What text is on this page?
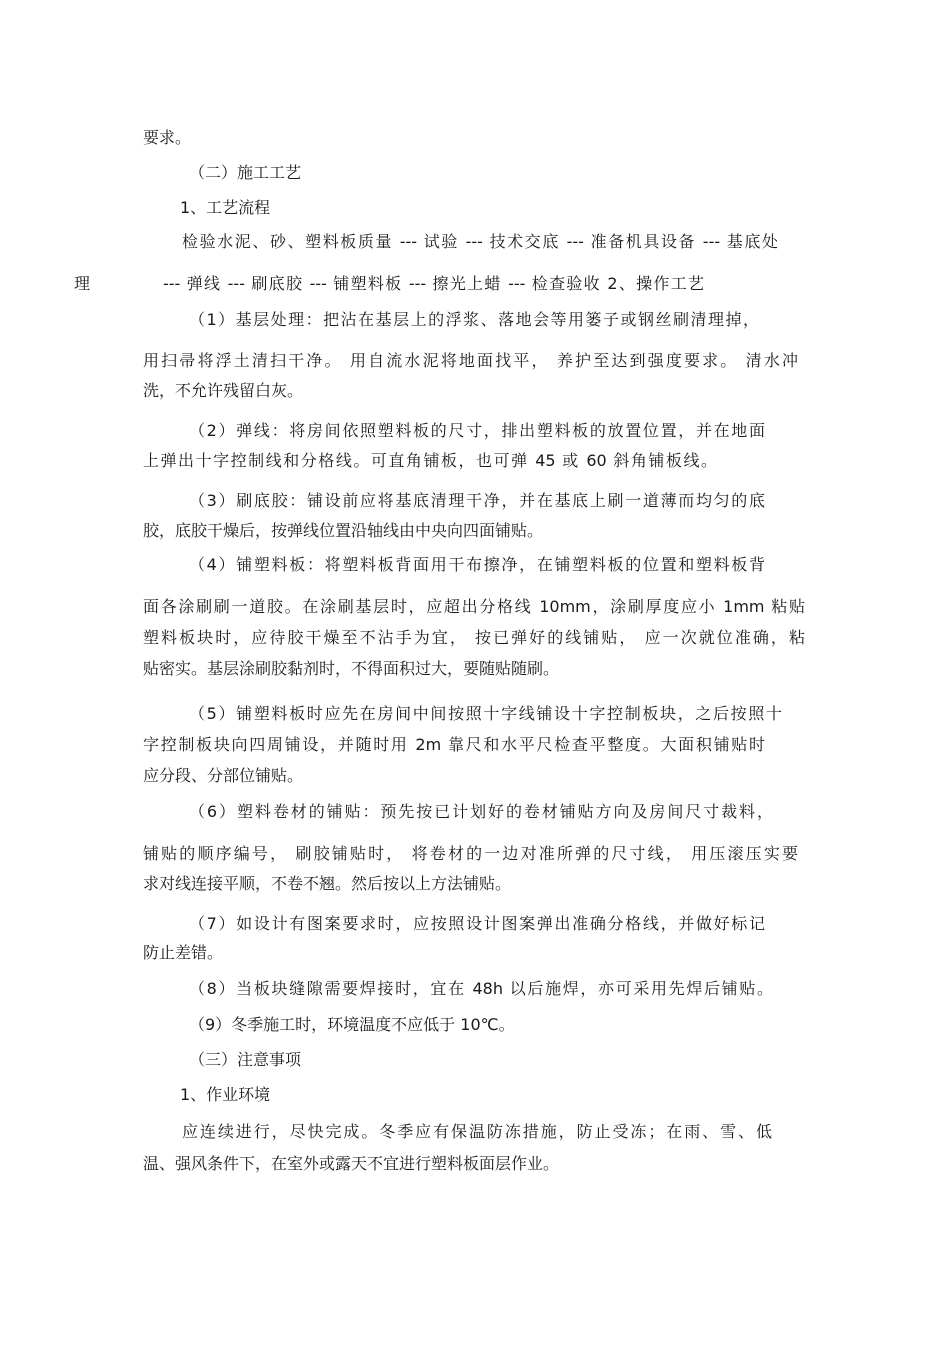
要求。
（二）施工工艺
1、工艺流程
检验水泥、砂、塑料板质量 --- 试验 --- 技术交底 --- 准备机具设备 --- 基底处
理	--- 弹线 --- 刷底胶 --- 铺塑料板 --- 擦光上蜡 --- 检查验收 2、操作工艺
（1）基层处理：把沾在基层上的浮浆、落地会等用篓子或钢丝刷清理掉，
用扫帚将浮土清扫干净。 用自流水泥将地面找平， 养护至达到强度要求。 清水冲
洗，不允许残留白灰。
（2）弹线：将房间依照塑料板的尺寸，排出塑料板的放置位置，并在地面
上弹出十字控制线和分格线。可直角铺板，也可弹 45 或 60 斜角铺板线。
（3）刷底胶：铺设前应将基底清理干净，并在基底上刷一道薄而均匀的底
胶，底胶干燥后，按弹线位置沿轴线由中央向四面铺贴。
（4）铺塑料板：将塑料板背面用干布擦净，在铺塑料板的位置和塑料板背
面各涂刷刷一道胶。在涂刷基层时，应超出分格线 10mm，涂刷厚度应小 1mm 粘贴
塑料板块时，应待胶干燥至不沾手为宜， 按已弹好的线铺贴， 应一次就位准确，粘
贴密实。基层涂刷胶黏剂时，不得面积过大，要随贴随刷。
（5）铺塑料板时应先在房间中间按照十字线铺设十字控制板块，之后按照十
字控制板块向四周铺设，并随时用 2m 靠尺和水平尺检查平整度。大面积铺贴时
应分段、分部位铺贴。
（6）塑料卷材的铺贴：预先按已计划好的卷材铺贴方向及房间尺寸裁料，
铺贴的顺序编号， 刷胶铺贴时， 将卷材的一边对准所弹的尺寸线， 用压滚压实要
求对线连接平顺，不卷不翘。然后按以上方法铺贴。
（7）如设计有图案要求时，应按照设计图案弹出准确分格线，并做好标记
防止差错。
（8）当板块缝隙需要焊接时，宜在 48h 以后施焊，亦可采用先焊后铺贴。
（9）冬季施工时，环境温度不应低于 10℃。
（三）注意事项
1、作业环境
应连续进行，尽快完成。冬季应有保温防冻措施，防止受冻；在雨、雪、低
温、强风条件下，在室外或露天不宜进行塑料板面层作业。
